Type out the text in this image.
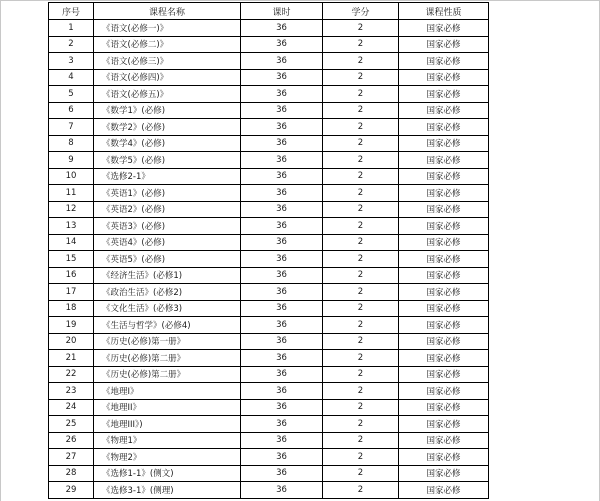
序号	课程名称	课时	学分	课程性质
1	《语文(必修一)》	36	2	国家必修
2	《语文(必修二)》	36	2	国家必修
3	《语文(必修三)》	36	2	国家必修
4	《语文(必修四)》	36	2	国家必修
5	《语文(必修五)》	36	2	国家必修
6	《数学1》(必修)	36	2	国家必修
7	《数学2》(必修)	36	2	国家必修
8	《数学4》(必修)	36	2	国家必修
9	《数学5》(必修)	36	2	国家必修
10	《选修2-1》	36	2	国家必修
11	《英语1》(必修)	36	2	国家必修
12	《英语2》(必修)	36	2	国家必修
13	《英语3》(必修)	36	2	国家必修
14	《英语4》(必修)	36	2	国家必修
15	《英语5》(必修)	36	2	国家必修
16	《经济生活》(必修1)	36	2	国家必修
17	《政治生活》(必修2)	36	2	国家必修
18	《文化生活》(必修3)	36	2	国家必修
19	《生活与哲学》(必修4)	36	2	国家必修
20	《历史(必修)第一册》	36	2	国家必修
21	《历史(必修)第二册》	36	2	国家必修
22	《历史(必修)第二册》	36	2	国家必修
23	《地理I》	36	2	国家必修
24	《地理II》	36	2	国家必修
25	《地理III》)	36	2	国家必修
26	《物理1》	36	2	国家必修
27	《物理2》	36	2	国家必修
28	《选修1-1》(侧文)	36	2	国家必修
29	《选修3-1》(侧理)	36	2	国家必修
